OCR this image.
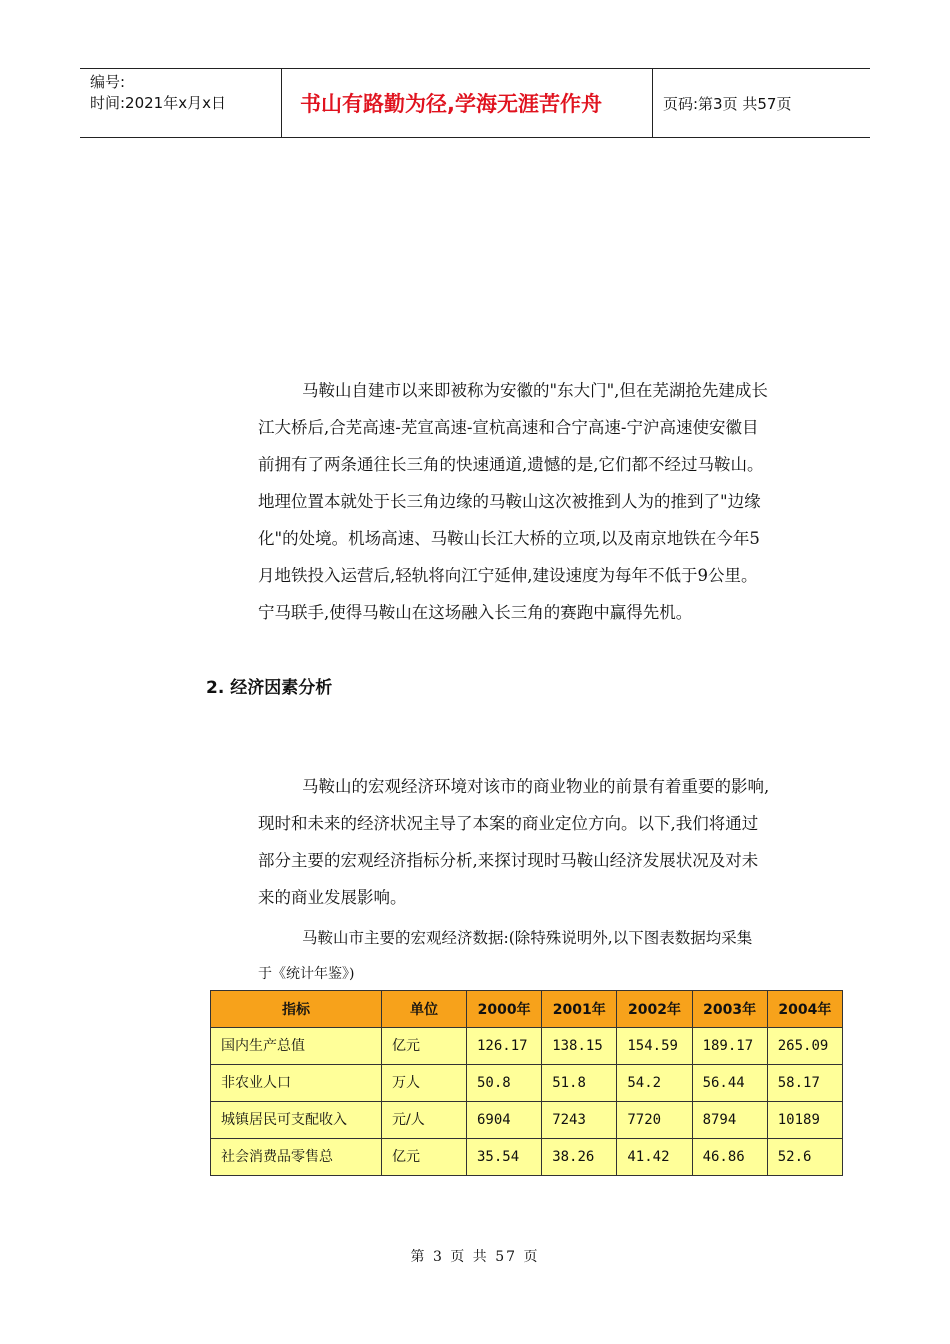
编号:
时间:2021年x月x日	书山有路勤为径,学海无涯苦作舟	页码:第3页 共57页
马鞍山自建市以来即被称为安徽的"东大门",但在芜湖抢先建成长
江大桥后,合芜高速-芜宣高速-宣杭高速和合宁高速-宁沪高速使安徽目
前拥有了两条通往长三角的快速通道,遗憾的是,它们都不经过马鞍山。
地理位置本就处于长三角边缘的马鞍山这次被推到人为的推到了"边缘
化"的处境。机场高速、马鞍山长江大桥的立项,以及南京地铁在今年5
月地铁投入运营后,轻轨将向江宁延伸,建设速度为每年不低于9公里。
宁马联手,使得马鞍山在这场融入长三角的赛跑中赢得先机。
2. 经济因素分析
马鞍山的宏观经济环境对该市的商业物业的前景有着重要的影响,
现时和未来的经济状况主导了本案的商业定位方向。以下,我们将通过
部分主要的宏观经济指标分析,来探讨现时马鞍山经济发展状况及对未
来的商业发展影响。
马鞍山市主要的宏观经济数据:(除特殊说明外,以下图表数据均采集
于《统计年鉴》)
指标	单位	2000年	2001年	2002年	2003年	2004年
国内生产总值	亿元	126.17	138.15	154.59	189.17	265.09
非农业人口	万人	50.8	51.8	54.2	56.44	58.17
城镇居民可支配收入	元/人	6904	7243	7720	8794	10189
社会消费品零售总	亿元	35.54	38.26	41.42	46.86	52.6
第 3 页 共 57 页
